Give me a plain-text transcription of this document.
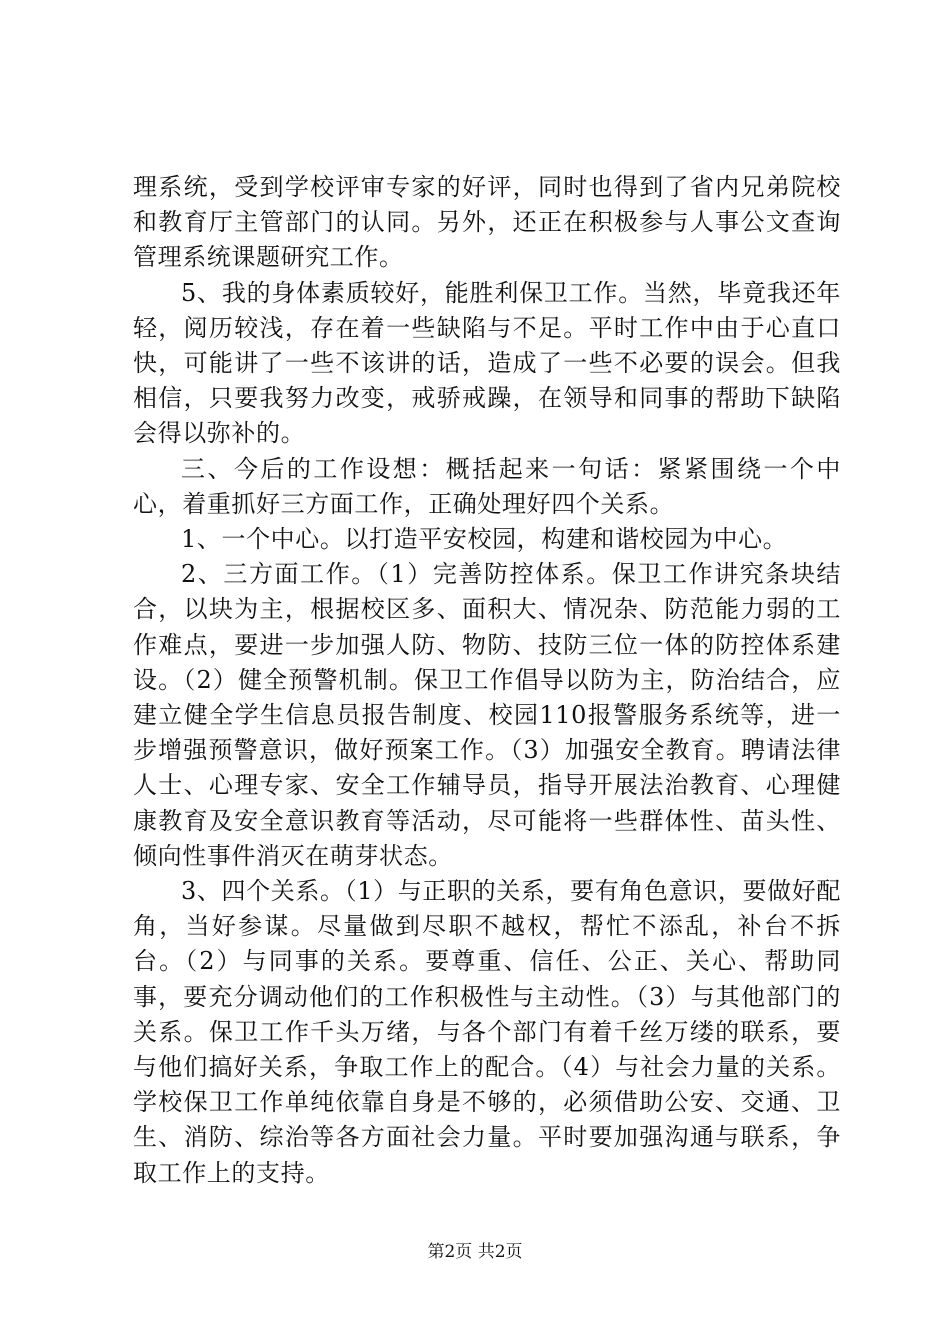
理系统，受到学校评审专家的好评，同时也得到了省内兄弟院校和教育厅主管部门的认同。另外，还正在积极参与人事公文查询管理系统课题研究工作。

5、我的身体素质较好，能胜利保卫工作。当然，毕竟我还年轻，阅历较浅，存在着一些缺陷与不足。平时工作中由于心直口快，可能讲了一些不该讲的话，造成了一些不必要的误会。但我相信，只要我努力改变，戒骄戒躁，在领导和同事的帮助下缺陷会得以弥补的。

三、今后的工作设想：概括起来一句话：紧紧围绕一个中心，着重抓好三方面工作，正确处理好四个关系。

1、一个中心。以打造平安校园，构建和谐校园为中心。

2、三方面工作。（1）完善防控体系。保卫工作讲究条块结合，以块为主，根据校区多、面积大、情况杂、防范能力弱的工作难点，要进一步加强人防、物防、技防三位一体的防控体系建设。（2）健全预警机制。保卫工作倡导以防为主，防治结合，应建立健全学生信息员报告制度、校园110报警服务系统等，进一步增强预警意识，做好预案工作。（3）加强安全教育。聘请法律人士、心理专家、安全工作辅导员，指导开展法治教育、心理健康教育及安全意识教育等活动，尽可能将一些群体性、苗头性、倾向性事件消灭在萌芽状态。

3、四个关系。（1）与正职的关系，要有角色意识，要做好配角，当好参谋。尽量做到尽职不越权，帮忙不添乱，补台不拆台。（2）与同事的关系。要尊重、信任、公正、关心、帮助同事，要充分调动他们的工作积极性与主动性。（3）与其他部门的关系。保卫工作千头万绪，与各个部门有着千丝万缕的联系，要与他们搞好关系，争取工作上的配合。（4）与社会力量的关系。学校保卫工作单纯依靠自身是不够的，必须借助公安、交通、卫生、消防、综治等各方面社会力量。平时要加强沟通与联系，争取工作上的支持。

第2页 共2页
